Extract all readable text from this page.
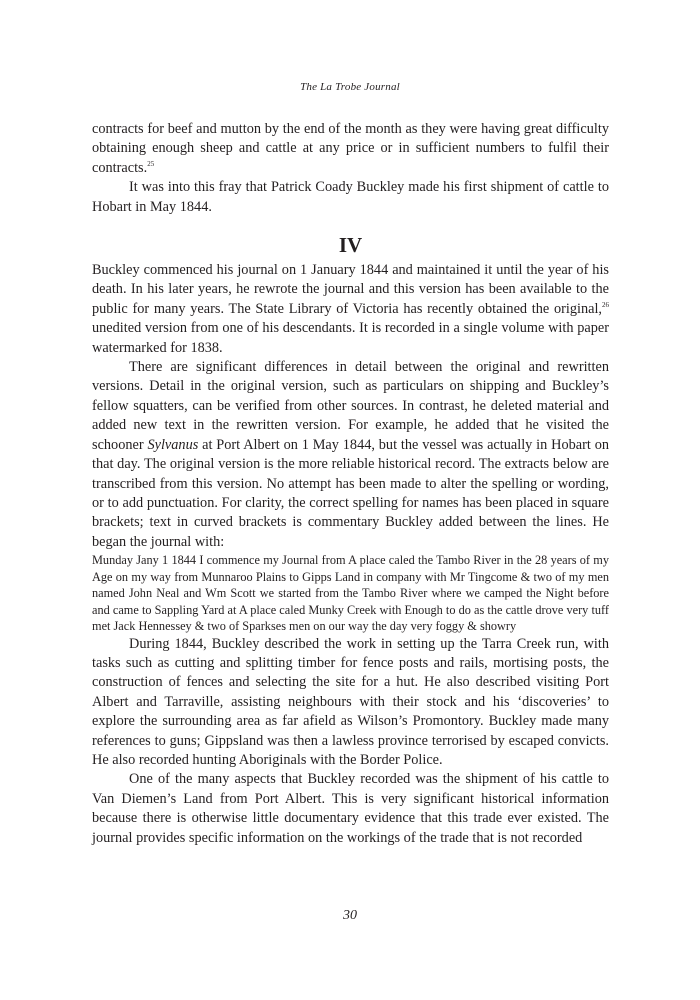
The La Trobe Journal

contracts for beef and mutton by the end of the month as they were having great difficulty obtaining enough sheep and cattle at any price or in sufficient numbers to fulfil their contracts.$^{25}$

It was into this fray that Patrick Coady Buckley made his first shipment of cattle to Hobart in May 1844.

IV

Buckley commenced his journal on 1 January 1844 and maintained it until the year of his death. In his later years, he rewrote the journal and this version has been available to the public for many years. The State Library of Victoria has recently obtained the original,$^{26}$ unedited version from one of his descendants. It is recorded in a single volume with paper watermarked for 1838.

There are significant differences in detail between the original and rewritten versions. Detail in the original version, such as particulars on shipping and Buckley’s fellow squatters, can be verified from other sources. In contrast, he deleted material and added new text in the rewritten version. For example, he added that he visited the schooner Sylvanus at Port Albert on 1 May 1844, but the vessel was actually in Hobart on that day. The original version is the more reliable historical record. The extracts below are transcribed from this version. No attempt has been made to alter the spelling or wording, or to add punctuation. For clarity, the correct spelling for names has been placed in square brackets; text in curved brackets is commentary Buckley added between the lines. He began the journal with:

Munday Jany 1 1844 I commence my Journal from A place caled the Tambo River in the 28 years of my Age on my way from Munnaroo Plains to Gipps Land in company with Mr Tingcome & two of my men named John Neal and Wm Scott we started from the Tambo River where we camped the Night before and came to Sappling Yard at A place caled Munky Creek with Enough to do as the cattle drove very tuff met Jack Hennessey & two of Sparkses men on our way the day very foggy & showry

During 1844, Buckley described the work in setting up the Tarra Creek run, with tasks such as cutting and splitting timber for fence posts and rails, mortising posts, the construction of fences and selecting the site for a hut. He also described visiting Port Albert and Tarraville, assisting neighbours with their stock and his ‘discoveries’ to explore the surrounding area as far afield as Wilson’s Promontory. Buckley made many references to guns; Gippsland was then a lawless province terrorised by escaped convicts. He also recorded hunting Aboriginals with the Border Police.

One of the many aspects that Buckley recorded was the shipment of his cattle to Van Diemen’s Land from Port Albert. This is very significant historical information because there is otherwise little documentary evidence that this trade ever existed. The journal provides specific information on the workings of the trade that is not recorded

30
